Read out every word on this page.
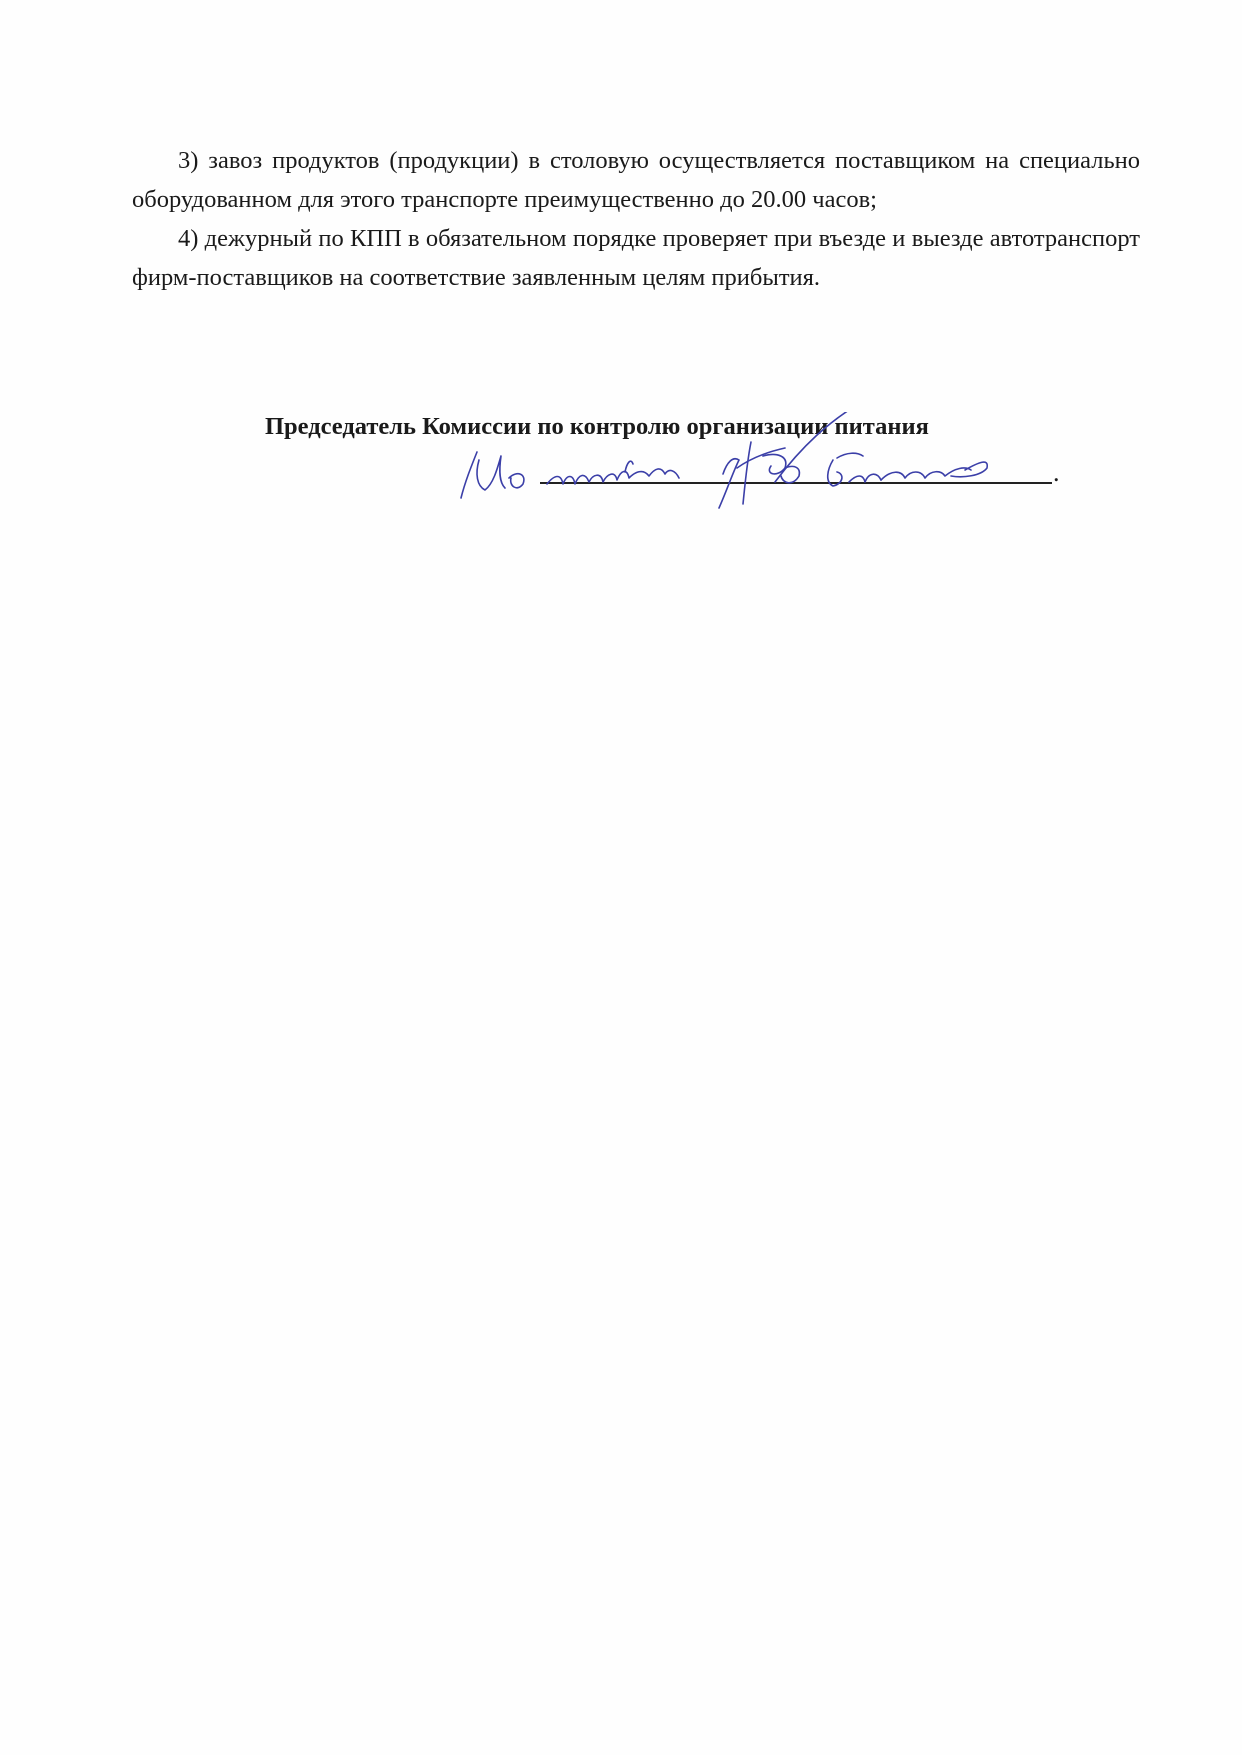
3) завоз продуктов (продукции) в столовую осуществляется поставщиком на специально оборудованном для этого транспорте преимущественно до 20.00 часов;

4) дежурный по КПП в обязательном порядке проверяет при въезде и выезде автотранспорт фирм-поставщиков на соответствие заявленным целям прибытия.

Председатель Комиссии по контролю организации питания
.
